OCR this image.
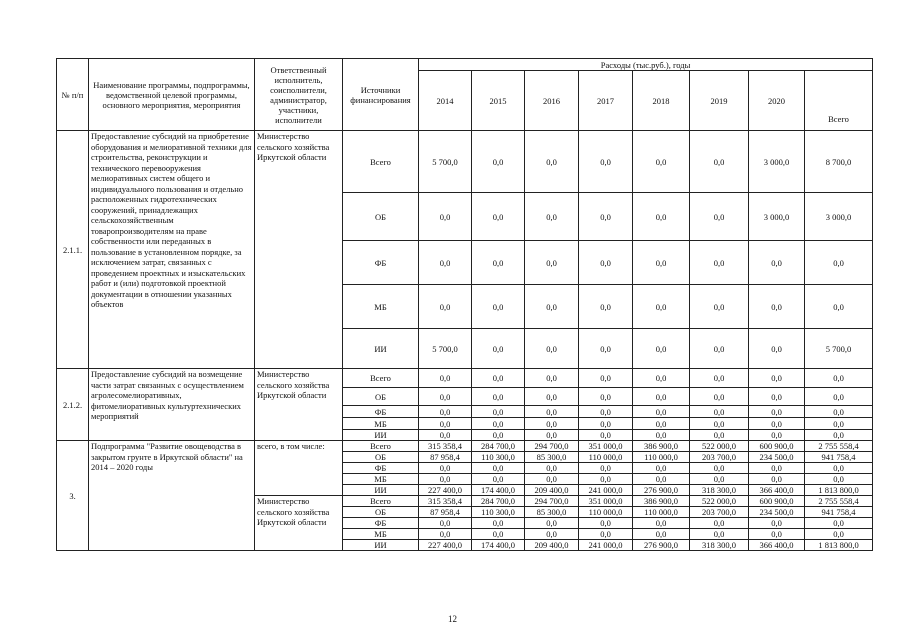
№ п/п	Наименование программы, подпрограммы, ведомственной целевой программы, основного мероприятия, мероприятия	Ответственный исполнитель, соисполнители, администратор, участники, исполнители	Источники финансирования	Расходы (тыс.руб.), годы							
				2014	2015	2016	2017	2018	2019	2020	Всего
2.1.1.	Предоставление субсидий на приобретение оборудования и мелиоративной техники для строительства, реконструкции и технического перевооружения мелиоративных систем общего и индивидуального пользования и отдельно расположенных гидротехнических сооружений, принадлежащих сельскохозяйственным товаропроизводителям на праве собственности или переданных в пользование в установленном порядке, за исключением затрат, связанных с проведением проектных и изыскательских работ и (или) подготовкой проектной документации в отношении указанных объектов	Министерство сельского хозяйства Иркутской области	Всего	5 700,0	0,0	0,0	0,0	0,0	0,0	3 000,0	8 700,0
			ОБ	0,0	0,0	0,0	0,0	0,0	0,0	3 000,0	3 000,0
			ФБ	0,0	0,0	0,0	0,0	0,0	0,0	0,0	0,0
			МБ	0,0	0,0	0,0	0,0	0,0	0,0	0,0	0,0
			ИИ	5 700,0	0,0	0,0	0,0	0,0	0,0	0,0	5 700,0
2.1.2.	Предоставление субсидий на возмещение части затрат связанных с осуществлением агролесомелиоративных, фитомелиоративных культуртехнических мероприятий	Министерство сельского хозяйства Иркутской области	Всего	0,0	0,0	0,0	0,0	0,0	0,0	0,0	0,0
			ОБ	0,0	0,0	0,0	0,0	0,0	0,0	0,0	0,0
			ФБ	0,0	0,0	0,0	0,0	0,0	0,0	0,0	0,0
			МБ	0,0	0,0	0,0	0,0	0,0	0,0	0,0	0,0
			ИИ	0,0	0,0	0,0	0,0	0,0	0,0	0,0	0,0
3.	Подпрограмма "Развитие овощеводства в закрытом грунте в Иркутской области" на 2014 – 2020 годы	всего, в том числе:	Всего	315 358,4	284 700,0	294 700,0	351 000,0	386 900,0	522 000,0	600 900,0	2 755 558,4
			ОБ	87 958,4	110 300,0	85 300,0	110 000,0	110 000,0	203 700,0	234 500,0	941 758,4
			ФБ	0,0	0,0	0,0	0,0	0,0	0,0	0,0	0,0
			МБ	0,0	0,0	0,0	0,0	0,0	0,0	0,0	0,0
			ИИ	227 400,0	174 400,0	209 400,0	241 000,0	276 900,0	318 300,0	366 400,0	1 813 800,0
		Министерство сельского хозяйства Иркутской области	Всего	315 358,4	284 700,0	294 700,0	351 000,0	386 900,0	522 000,0	600 900,0	2 755 558,4
			ОБ	87 958,4	110 300,0	85 300,0	110 000,0	110 000,0	203 700,0	234 500,0	941 758,4
			ФБ	0,0	0,0	0,0	0,0	0,0	0,0	0,0	0,0
			МБ	0,0	0,0	0,0	0,0	0,0	0,0	0,0	0,0
			ИИ	227 400,0	174 400,0	209 400,0	241 000,0	276 900,0	318 300,0	366 400,0	1 813 800,0
12
